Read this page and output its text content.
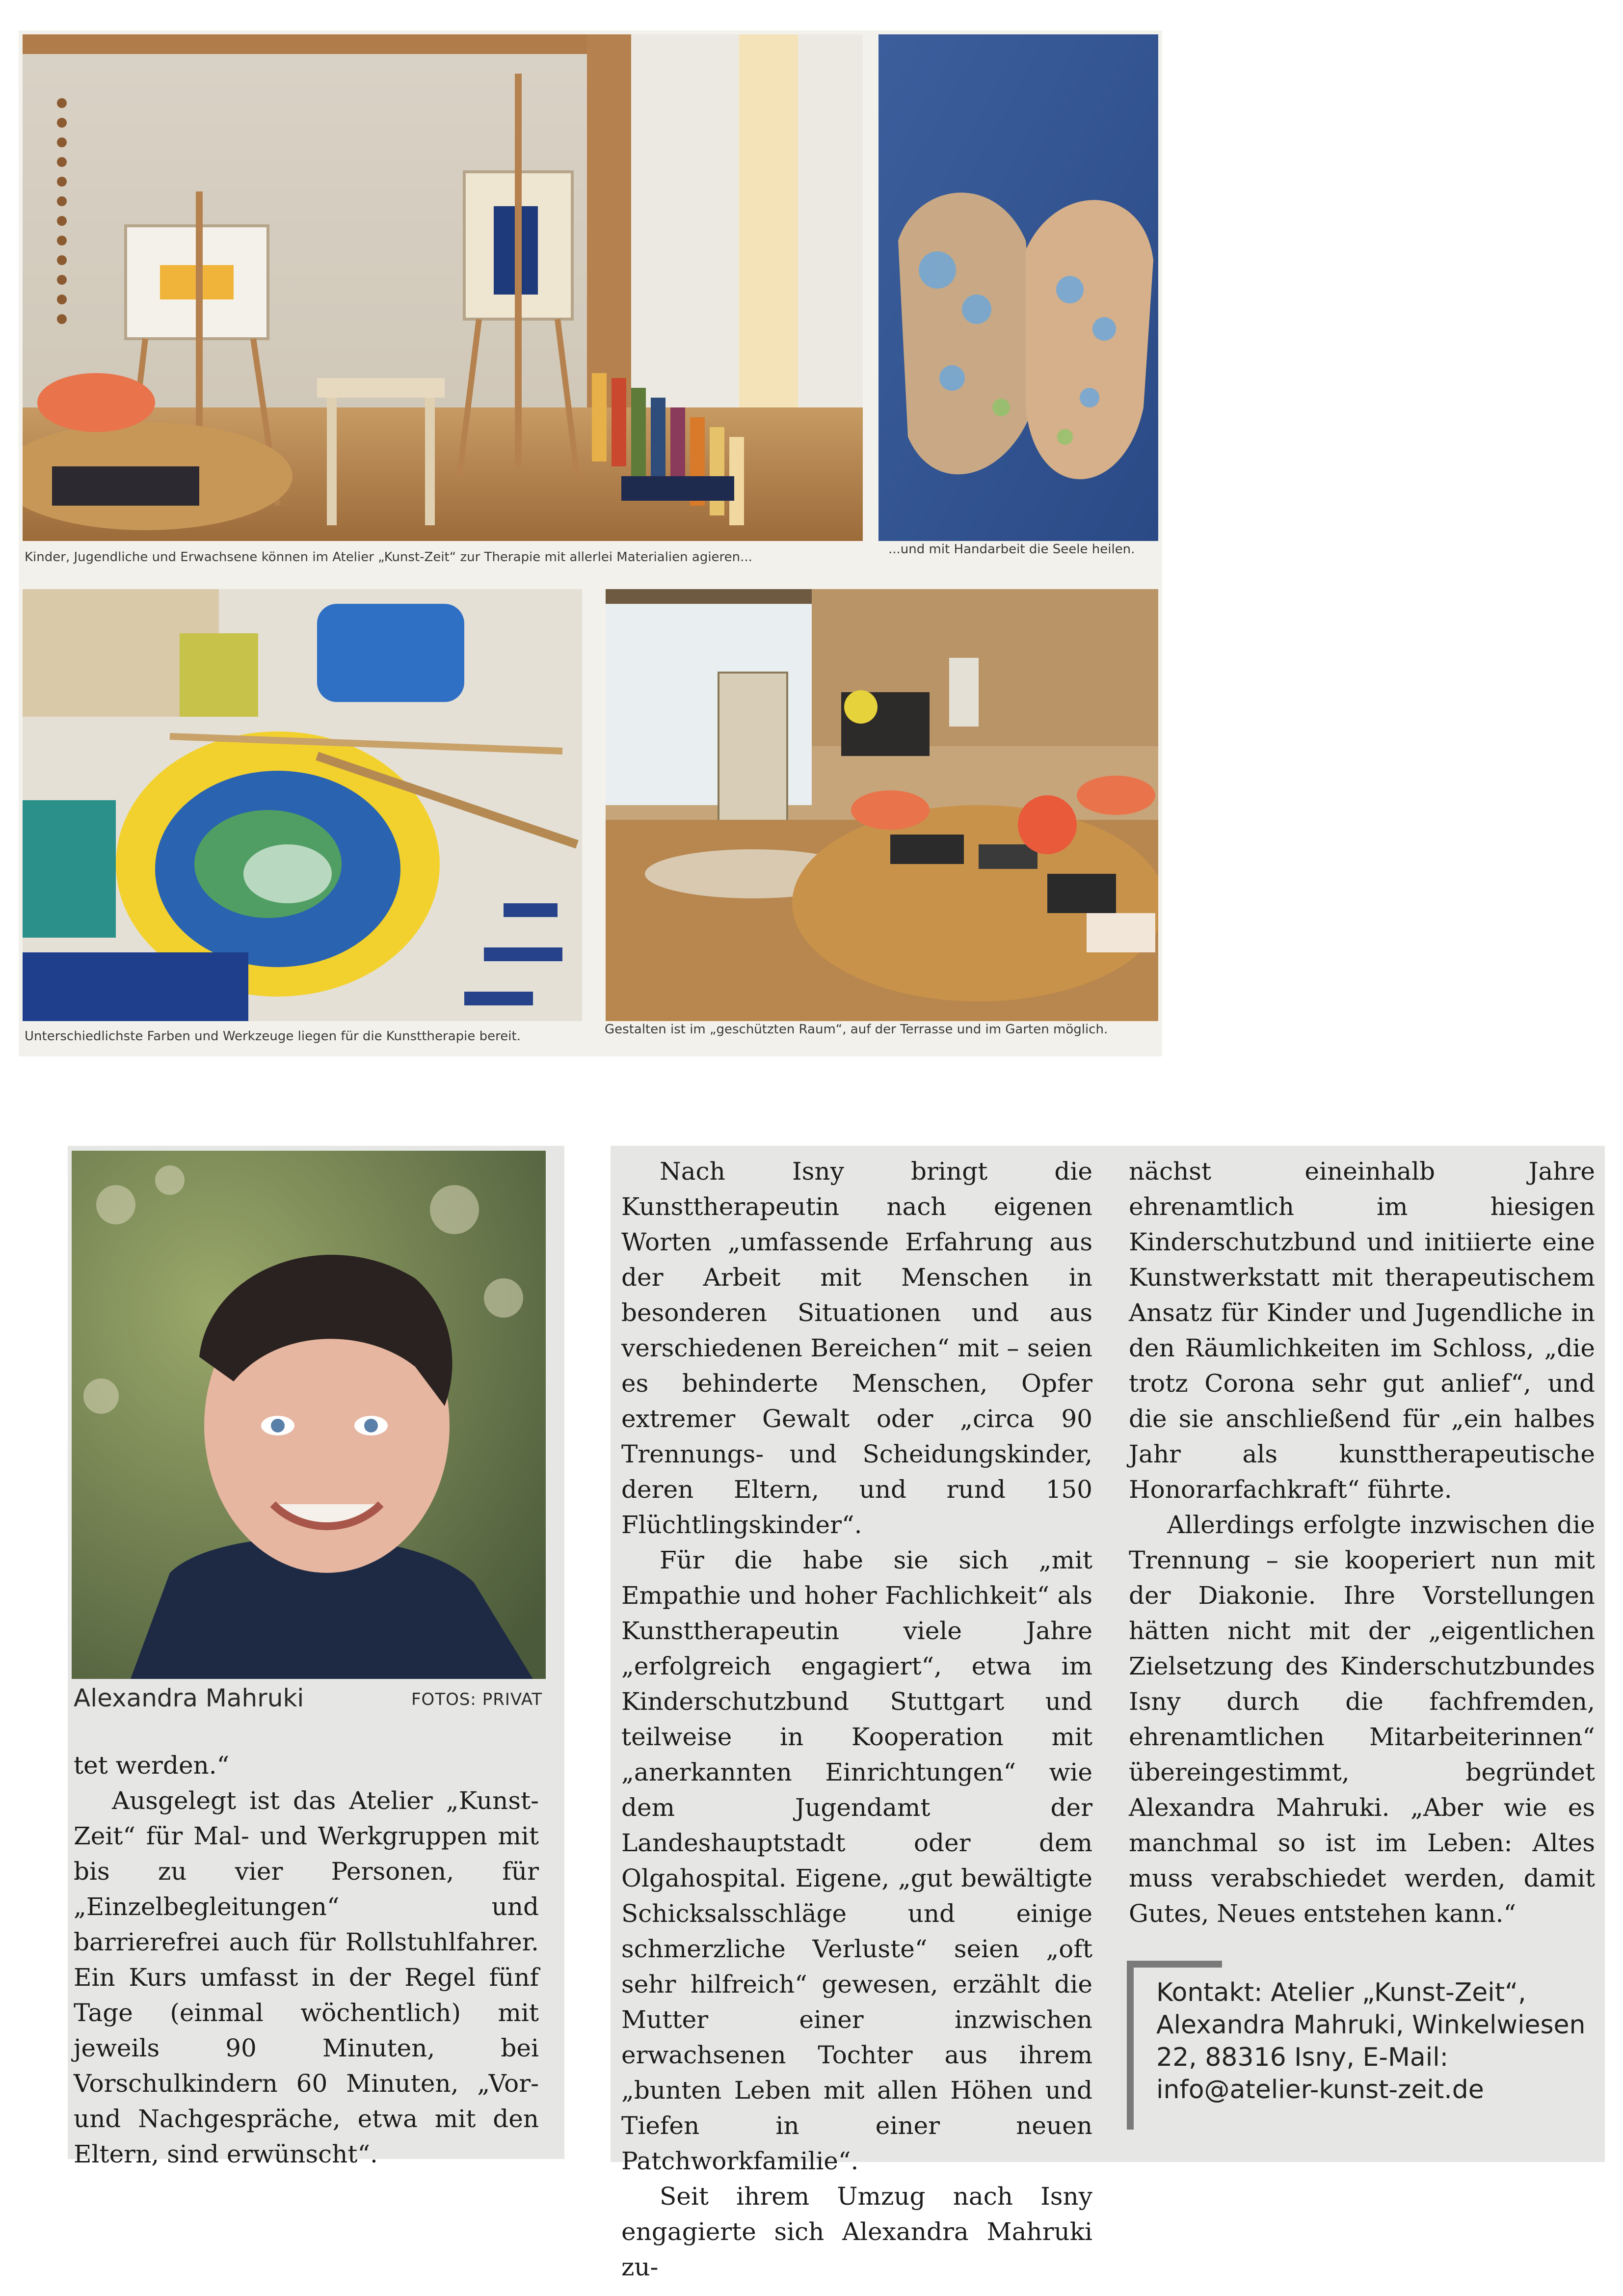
Kinder, Jugendliche und Erwachsene können im Atelier „Kunst-Zeit“ zur Therapie mit allerlei Materialien agieren...
...und mit Handarbeit die Seele heilen.
Unterschiedlichste Farben und Werkzeuge liegen für die Kunsttherapie bereit.	Gestalten ist im „geschützten Raum“, auf der Terrasse und im Garten möglich.
Alexandra Mahruki	FOTOS: PRIVAT

tet werden.“

Ausgelegt ist das Atelier „Kunst-Zeit“ für Mal- und Werkgruppen mit bis zu vier Personen, für „Einzelbegleitungen“ und barrierefrei auch für Rollstuhlfahrer. Ein Kurs umfasst in der Regel fünf Tage (einmal wöchentlich) mit jeweils 90 Minuten, bei Vorschulkindern 60 Minuten, „Vor- und Nachgespräche, etwa mit den Eltern, sind erwünscht“.

Nach Isny bringt die Kunsttherapeutin nach eigenen Worten „umfassende Erfahrung aus der Arbeit mit Menschen in besonderen Situationen und aus verschiedenen Bereichen“ mit – seien es behinderte Menschen, Opfer extremer Gewalt oder „circa 90 Trennungs- und Scheidungskinder, deren Eltern, und rund 150 Flüchtlingskinder“.

Für die habe sie sich „mit Empathie und hoher Fachlichkeit“ als Kunsttherapeutin viele Jahre „erfolgreich engagiert“, etwa im Kinderschutzbund Stuttgart und teilweise in Kooperation mit „anerkannten Einrichtungen“ wie dem Jugendamt der Landeshauptstadt oder dem Olgahospital. Eigene, „gut bewältigte Schicksalsschläge und einige schmerzliche Verluste“ seien „oft sehr hilfreich“ gewesen, erzählt die Mutter einer inzwischen erwachsenen Tochter aus ihrem „bunten Leben mit allen Höhen und Tiefen in einer neuen Patchworkfamilie“.

Seit ihrem Umzug nach Isny engagierte sich Alexandra Mahruki zu-

nächst eineinhalb Jahre ehrenamtlich im hiesigen Kinderschutzbund und initiierte eine Kunstwerkstatt mit therapeutischem Ansatz für Kinder und Jugendliche in den Räumlichkeiten im Schloss, „die trotz Corona sehr gut anlief“, und die sie anschließend für „ein halbes Jahr als kunsttherapeutische Honorarfachkraft“ führte.

Allerdings erfolgte inzwischen die Trennung – sie kooperiert nun mit der Diakonie. Ihre Vorstellungen hätten nicht mit der „eigentlichen Zielsetzung des Kinderschutzbundes Isny durch die fachfremden, ehrenamtlichen Mitarbeiterinnen“ übereingestimmt, begründet Alexandra Mahruki. „Aber wie es manchmal so ist im Leben: Altes muss verabschiedet werden, damit Gutes, Neues entstehen kann.“

Kontakt: Atelier „Kunst-Zeit“, Alexandra Mahruki, Winkelwiesen 22, 88316 Isny, E-Mail: info@atelier-kunst-zeit.de
